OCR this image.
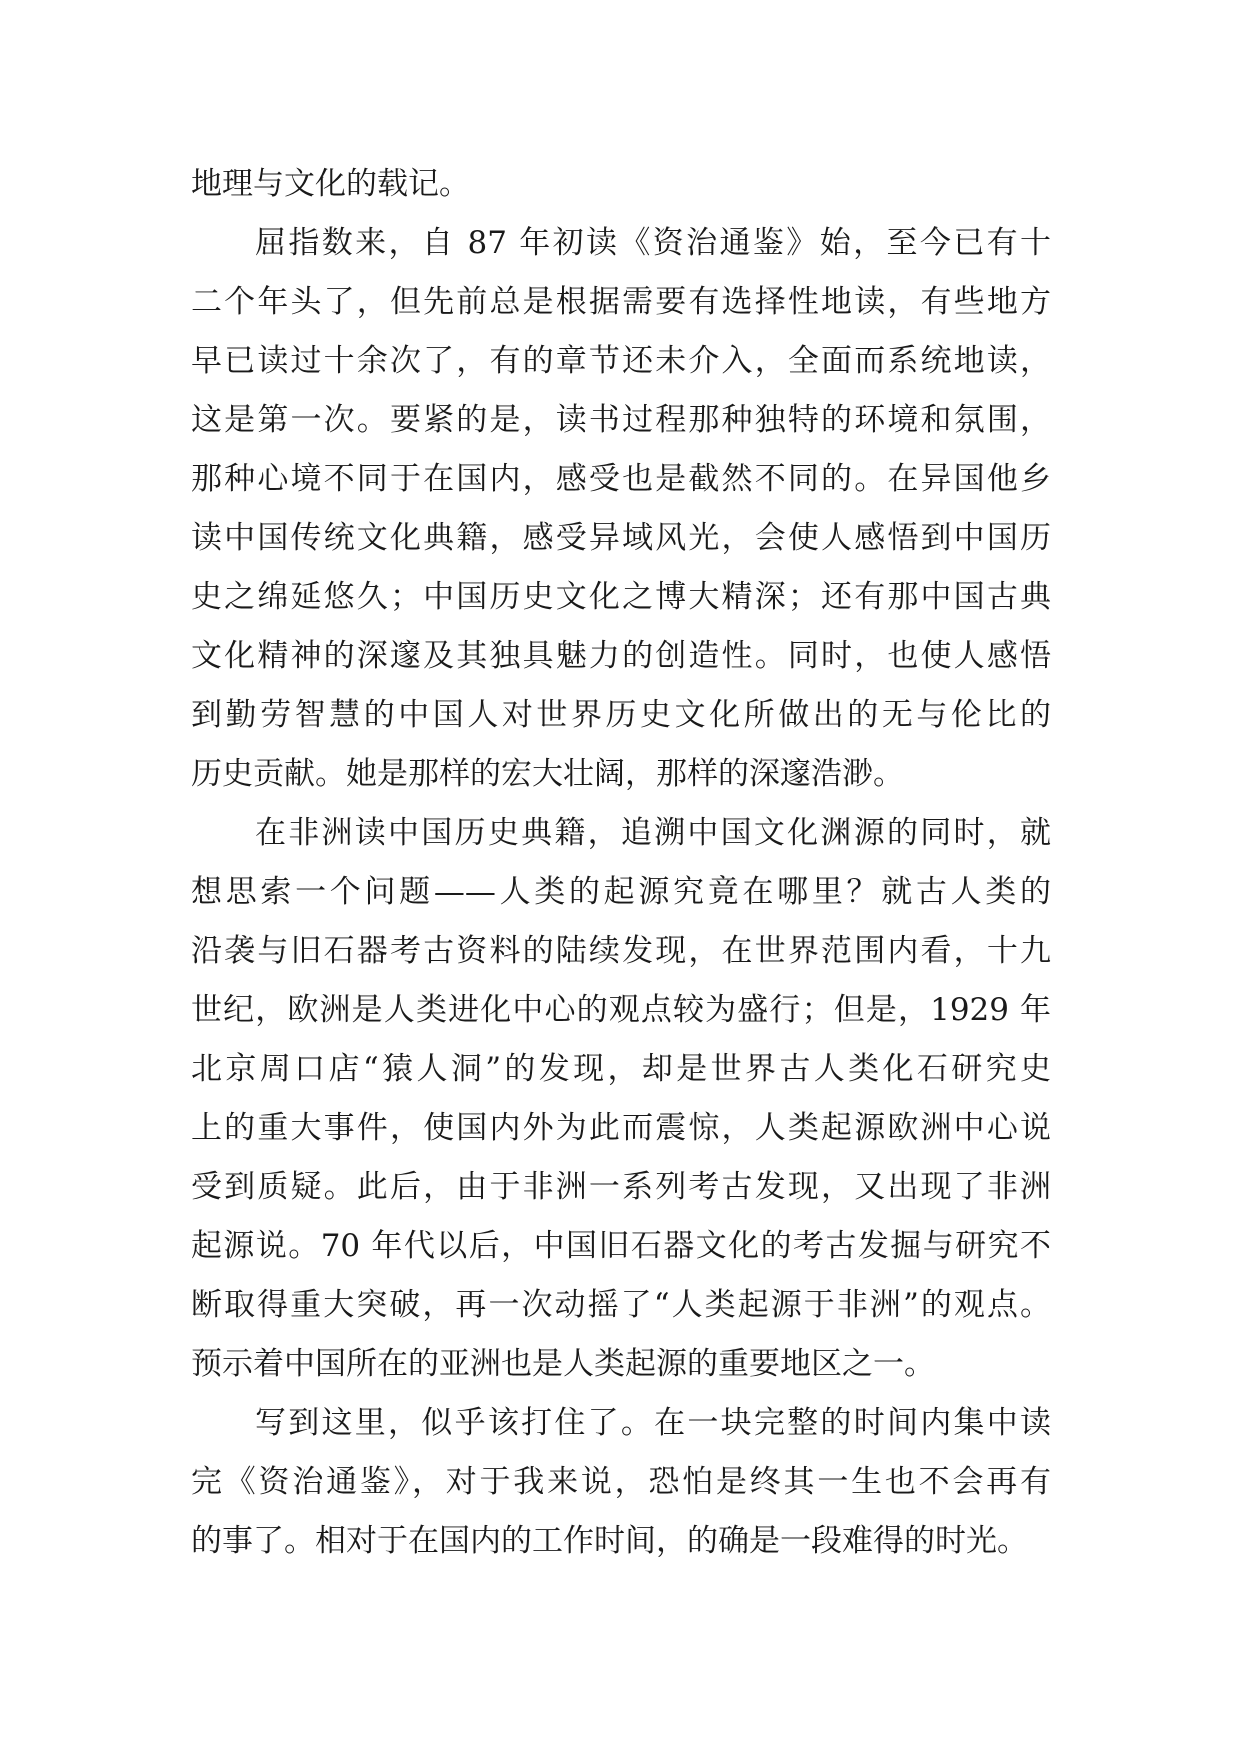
地理与文化的载记。
屈指数来，自 87 年初读《资治通鉴》始，至今已有十
二个年头了，但先前总是根据需要有选择性地读，有些地方
早已读过十余次了，有的章节还未介入，全面而系统地读，
这是第一次。要紧的是，读书过程那种独特的环境和氛围，
那种心境不同于在国内，感受也是截然不同的。在异国他乡
读中国传统文化典籍，感受异域风光，会使人感悟到中国历
史之绵延悠久；中国历史文化之博大精深；还有那中国古典
文化精神的深邃及其独具魅力的创造性。同时，也使人感悟
到勤劳智慧的中国人对世界历史文化所做出的无与伦比的
历史贡献。她是那样的宏大壮阔，那样的深邃浩渺。
在非洲读中国历史典籍，追溯中国文化渊源的同时，就
想思索一个问题——人类的起源究竟在哪里？就古人类的
沿袭与旧石器考古资料的陆续发现，在世界范围内看，十九
世纪，欧洲是人类进化中心的观点较为盛行；但是，1929 年
北京周口店“猿人洞”的发现，却是世界古人类化石研究史
上的重大事件，使国内外为此而震惊，人类起源欧洲中心说
受到质疑。此后，由于非洲一系列考古发现，又出现了非洲
起源说。70 年代以后，中国旧石器文化的考古发掘与研究不
断取得重大突破，再一次动摇了“人类起源于非洲”的观点。
预示着中国所在的亚洲也是人类起源的重要地区之一。
写到这里，似乎该打住了。在一块完整的时间内集中读
完《资治通鉴》，对于我来说，恐怕是终其一生也不会再有
的事了。相对于在国内的工作时间，的确是一段难得的时光。
